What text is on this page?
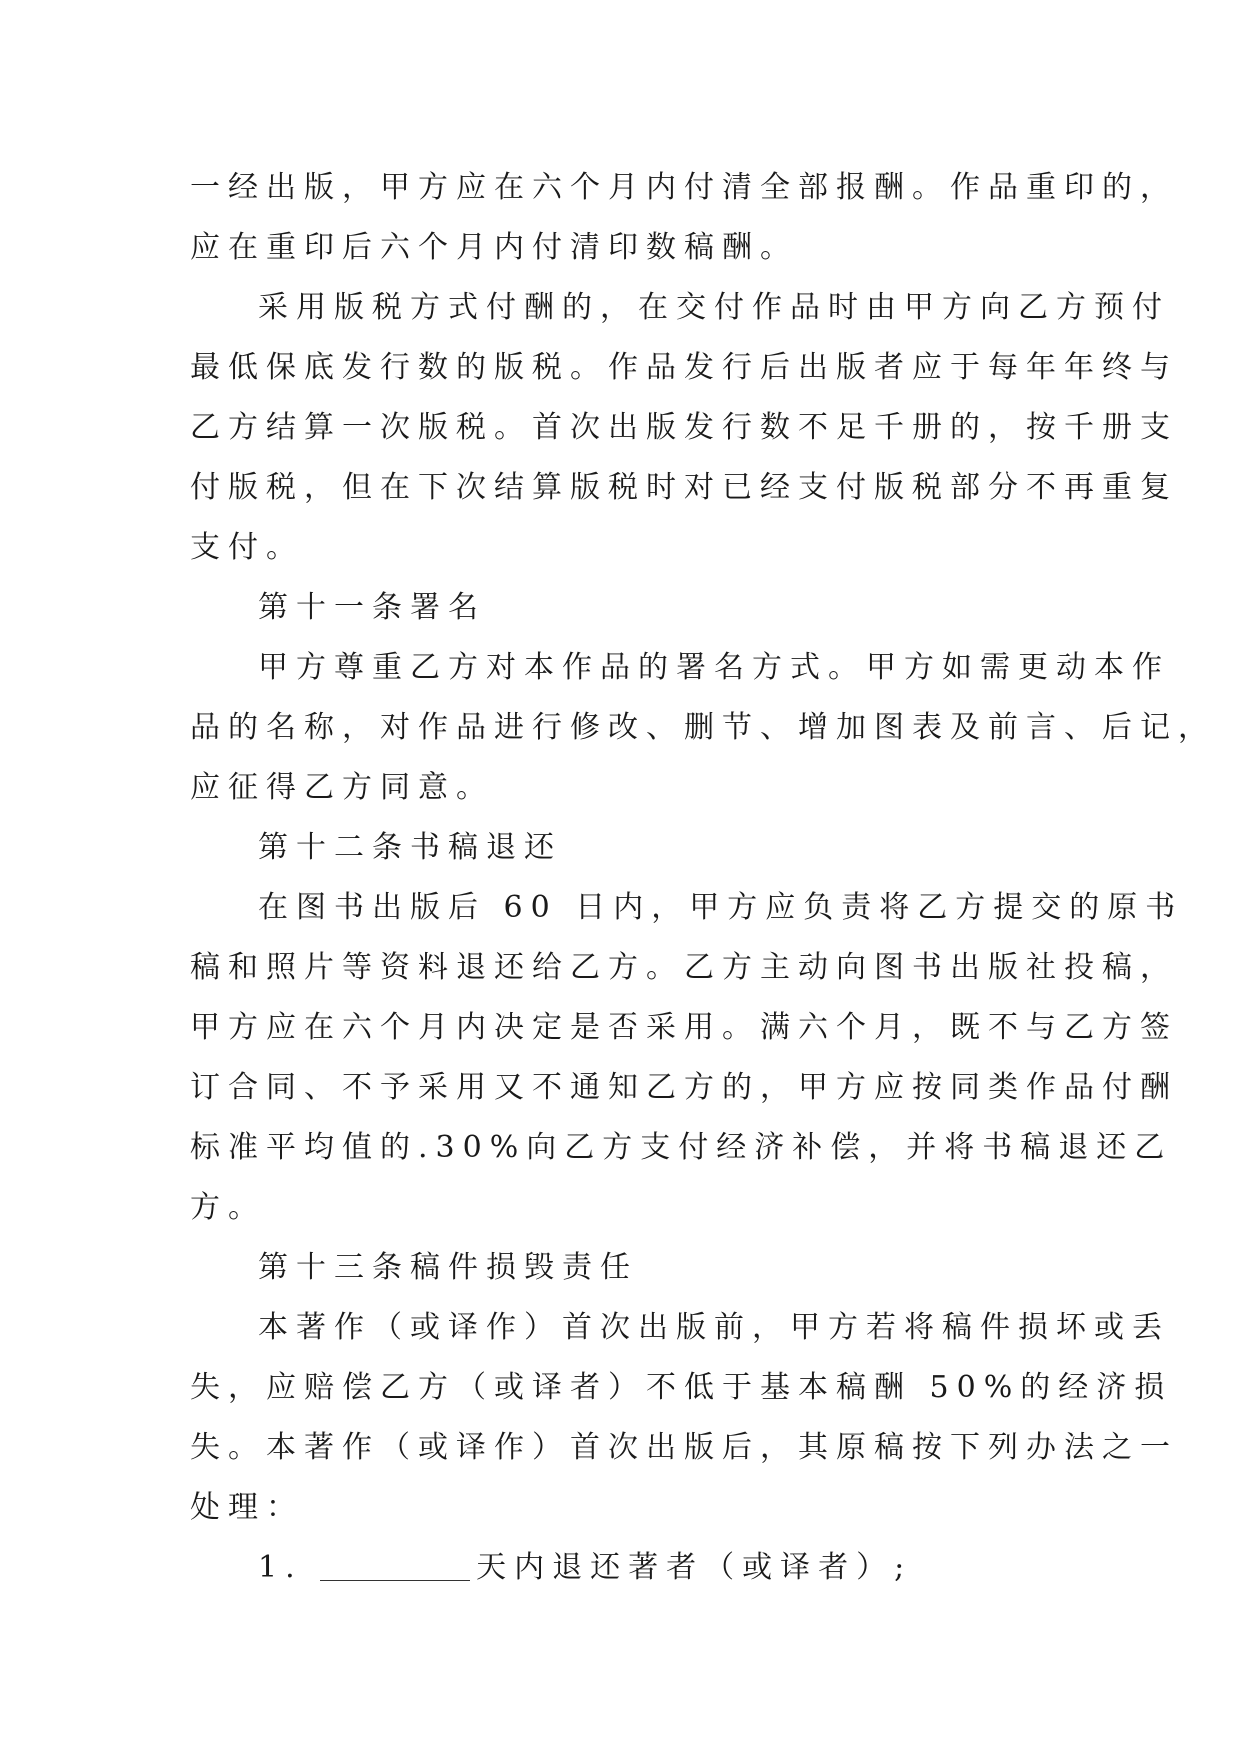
一经出版，甲方应在六个月内付清全部报酬。作品重印的，
应在重印后六个月内付清印数稿酬。
采用版税方式付酬的，在交付作品时由甲方向乙方预付
最低保底发行数的版税。作品发行后出版者应于每年年终与
乙方结算一次版税。首次出版发行数不足千册的，按千册支
付版税，但在下次结算版税时对已经支付版税部分不再重复
支付。
第十一条署名
甲方尊重乙方对本作品的署名方式。甲方如需更动本作
品的名称，对作品进行修改、删节、增加图表及前言、后记，
应征得乙方同意。
第十二条书稿退还
在图书出版后 60 日内，甲方应负责将乙方提交的原书
稿和照片等资料退还给乙方。乙方主动向图书出版社投稿，
甲方应在六个月内决定是否采用。满六个月，既不与乙方签
订合同、不予采用又不通知乙方的，甲方应按同类作品付酬
标准平均值的.30%向乙方支付经济补偿，并将书稿退还乙
方。
第十三条稿件损毁责任
本著作（或译作）首次出版前，甲方若将稿件损坏或丢
失，应赔偿乙方（或译者）不低于基本稿酬 50%的经济损
失。本著作（或译作）首次出版后，其原稿按下列办法之一
处理：
1.	天内退还著者（或译者）;
